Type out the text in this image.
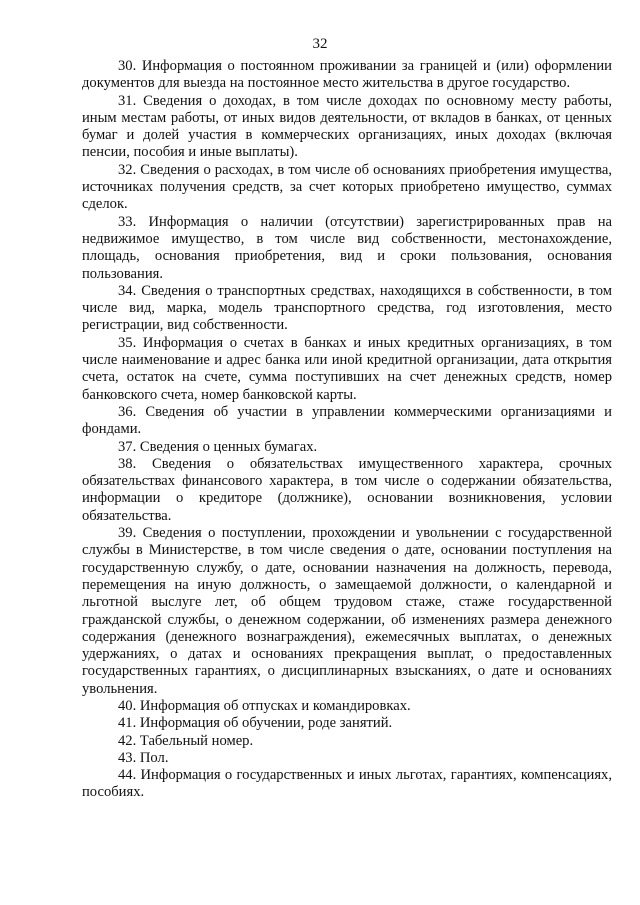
32

30. Информация о постоянном проживании за границей и (или) оформлении документов для выезда на постоянное место жительства в другое государство.

31. Сведения о доходах, в том числе доходах по основному месту работы, иным местам работы, от иных видов деятельности, от вкладов в банках, от ценных бумаг и долей участия в коммерческих организациях, иных доходах (включая пенсии, пособия и иные выплаты).

32. Сведения о расходах, в том числе об основаниях приобретения имущества, источниках получения средств, за счет которых приобретено имущество, суммах сделок.

33. Информация о наличии (отсутствии) зарегистрированных прав на недвижимое имущество, в том числе вид собственности, местонахождение, площадь, основания приобретения, вид и сроки пользования, основания пользования.

34. Сведения о транспортных средствах, находящихся в собственности, в том числе вид, марка, модель транспортного средства, год изготовления, место регистрации, вид собственности.

35. Информация о счетах в банках и иных кредитных организациях, в том числе наименование и адрес банка или иной кредитной организации, дата открытия счета, остаток на счете, сумма поступивших на счет денежных средств, номер банковского счета, номер банковской карты.

36. Сведения об участии в управлении коммерческими организациями и фондами.

37. Сведения о ценных бумагах.

38. Сведения о обязательствах имущественного характера, срочных обязательствах финансового характера, в том числе о содержании обязательства, информации о кредиторе (должнике), основании возникновения, условии обязательства.

39. Сведения о поступлении, прохождении и увольнении с государственной службы в Министерстве, в том числе сведения о дате, основании поступления на государственную службу, о дате, основании назначения на должность, перевода, перемещения на иную должность, о замещаемой должности, о календарной и льготной выслуге лет, об общем трудовом стаже, стаже государственной гражданской службы, о денежном содержании, об изменениях размера денежного содержания (денежного вознаграждения), ежемесячных выплатах, о денежных удержаниях, о датах и основаниях прекращения выплат, о предоставленных государственных гарантиях, о дисциплинарных взысканиях, о дате и основаниях увольнения.

40. Информация об отпусках и командировках.

41. Информация об обучении, роде занятий.

42. Табельный номер.

43. Пол.

44. Информация о государственных и иных льготах, гарантиях, компенсациях, пособиях.
